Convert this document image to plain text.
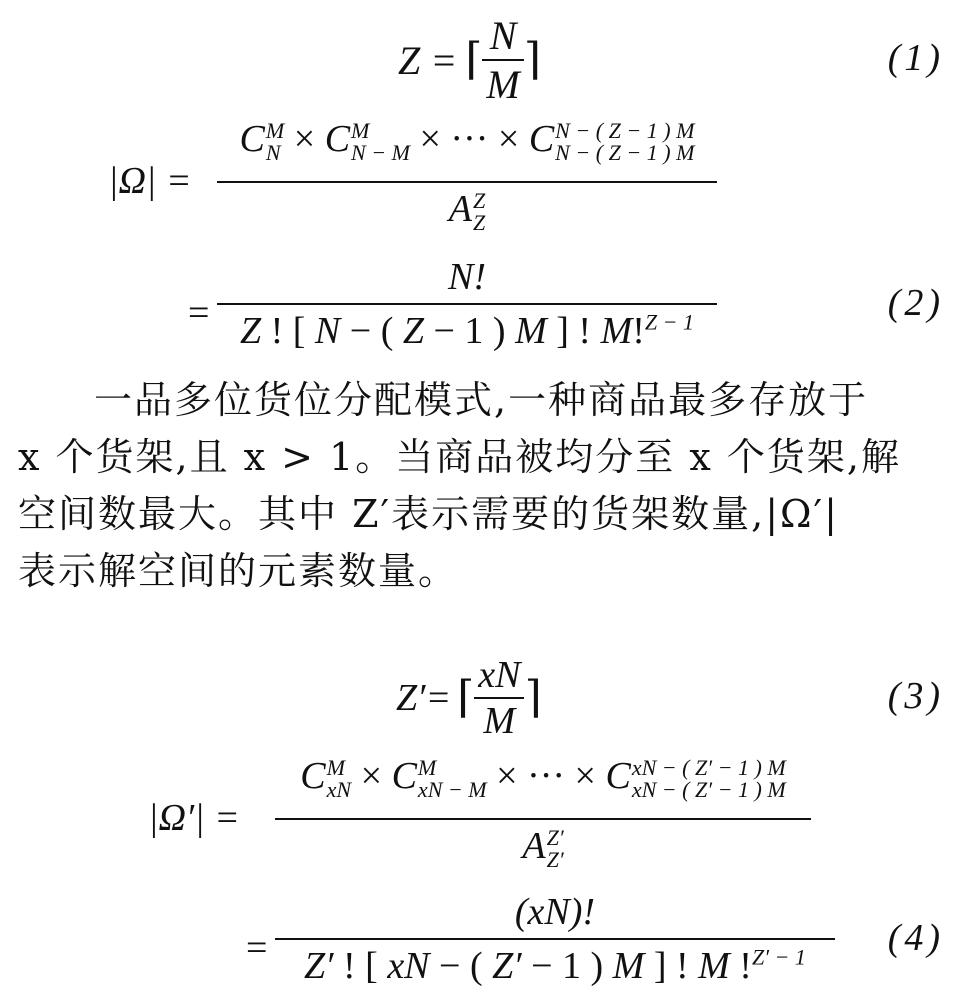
Z = ⌈ $\frac{N}{M}$ ⌉	(1)
|Ω| =
C M
N × C M
N − M × ··· × C N − ( Z − 1 ) M
N − ( Z − 1 ) M
A Z
Z
=
N!
Z ! [ N − ( Z − 1 ) M ] ! M!$^{Z - 1}$	(2)
一品多位货位分配模式,一种商品最多存放于
x 个货架,且 x > 1。当商品被均分至 x 个货架,解
空间数最大。其中 Z′表示需要的货架数量,|Ω′|
表示解空间的元素数量。
Z′= ⌈ $\frac{xN}{M}$ ⌉	(3)
|Ω′| =
C M
xN × C M
xN − M × ··· × C xN − ( Z′ − 1 ) M
xN − ( Z′ − 1 ) M
A Z′
Z′
=
(xN)!
Z′ ! [ xN − ( Z′ − 1 ) M ] ! M !$^{Z' - 1}$	(4)
